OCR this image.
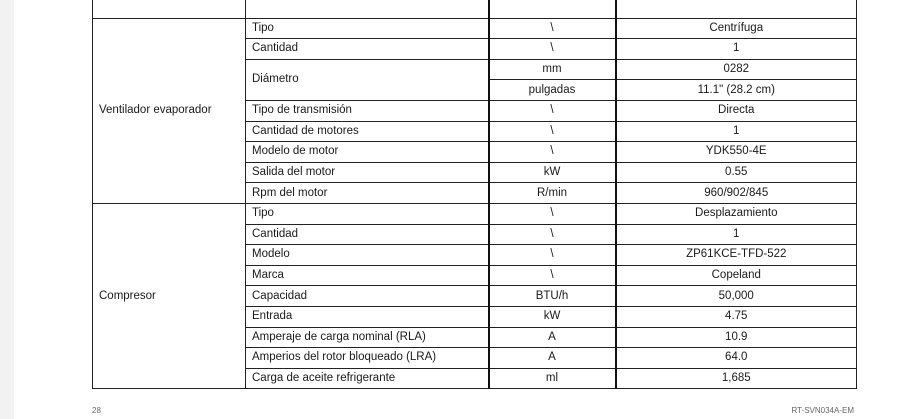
Ventilador evaporador	Tipo	\	Centrífuga
	Cantidad	\	1
	Diámetro	mm	0282
		pulgadas	11.1" (28.2 cm)
	Tipo de transmisión	\	Directa
	Cantidad de motores	\	1
	Modelo de motor	\	YDK550-4E
	Salida del motor	kW	0.55
	Rpm del motor	R/min	960/902/845
Compresor	Tipo	\	Desplazamiento
	Cantidad	\	1
	Modelo	\	ZP61KCE-TFD-522
	Marca	\	Copeland
	Capacidad	BTU/h	50,000
	Entrada	kW	4.75
	Amperaje de carga nominal (RLA)	A	10.9
	Amperios del rotor bloqueado (LRA)	A	64.0
	Carga de aceite refrigerante	ml	1,685
28	RT-SVN034A-EM
